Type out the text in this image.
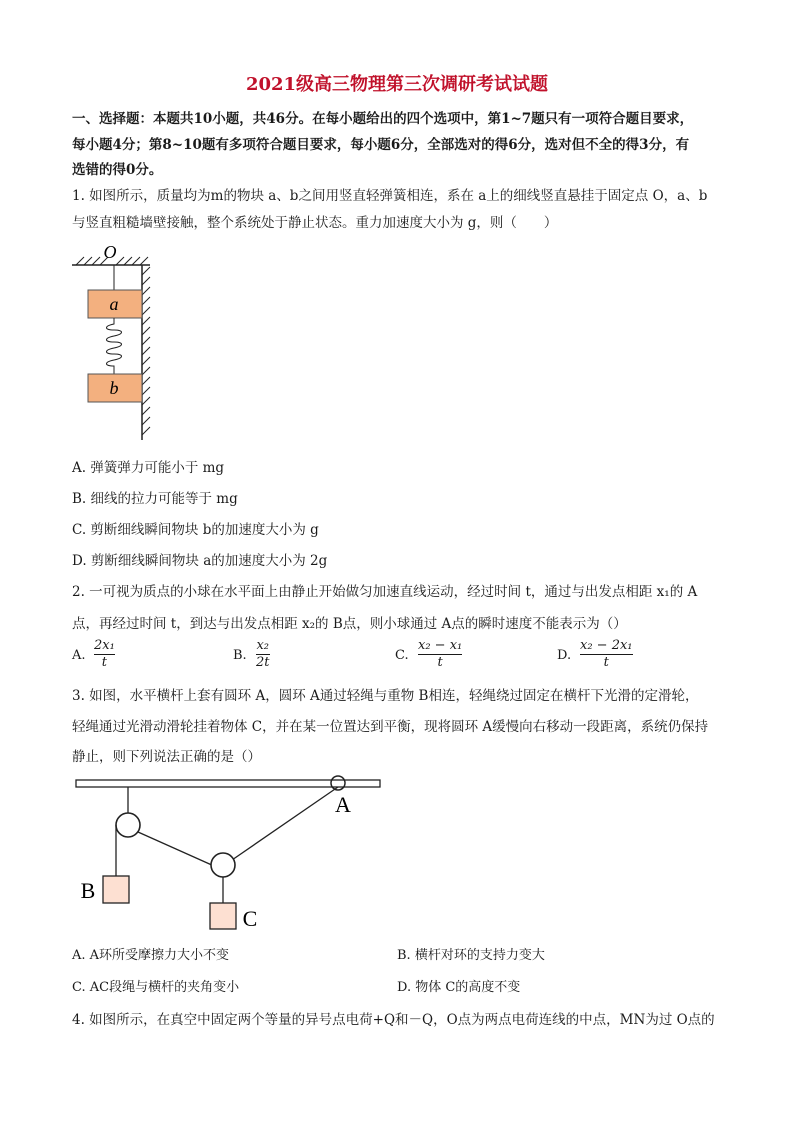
2021级高三物理第三次调研考试试题
一、选择题：本题共10小题，共46分。在每小题给出的四个选项中，第1~7题只有一项符合题目要求，
每小题4分；第8~10题有多项符合题目要求，每小题6分，全部选对的得6分，选对但不全的得3分，有
选错的得0分。
1. 如图所示，质量均为m的物块 a、b之间用竖直轻弹簧相连，系在 a上的细线竖直悬挂于固定点 O，a、b
与竖直粗糙墙壁接触，整个系统处于静止状态。重力加速度大小为 g，则（　　）
O
a
b
A. 弹簧弹力可能小于 mg
B. 细线的拉力可能等于 mg
C. 剪断细线瞬间物块 b的加速度大小为 g
D. 剪断细线瞬间物块 a的加速度大小为 2g
2. 一可视为质点的小球在水平面上由静止开始做匀加速直线运动，经过时间 t，通过与出发点相距 x₁的 A
点，再经过时间 t，到达与出发点相距 x₂的 B点，则小球通过 A点的瞬时速度不能表示为（）
A.
2x₁
t	B.
x₂
2t	C.
x₂ − x₁
t	D.
x₂ − 2x₁
t
3. 如图，水平横杆上套有圆环 A，圆环 A通过轻绳与重物 B相连，轻绳绕过固定在横杆下光滑的定滑轮，
轻绳通过光滑动滑轮挂着物体 C，并在某一位置达到平衡，现将圆环 A缓慢向右移动一段距离，系统仍保持
静止，则下列说法正确的是（）
A
B
C
A. A环所受摩擦力大小不变	B. 横杆对环的支持力变大
C. AC段绳与横杆的夹角变小	D. 物体 C的高度不变
4. 如图所示，在真空中固定两个等量的异号点电荷+Q和－Q，O点为两点电荷连线的中点，MN为过 O点的
